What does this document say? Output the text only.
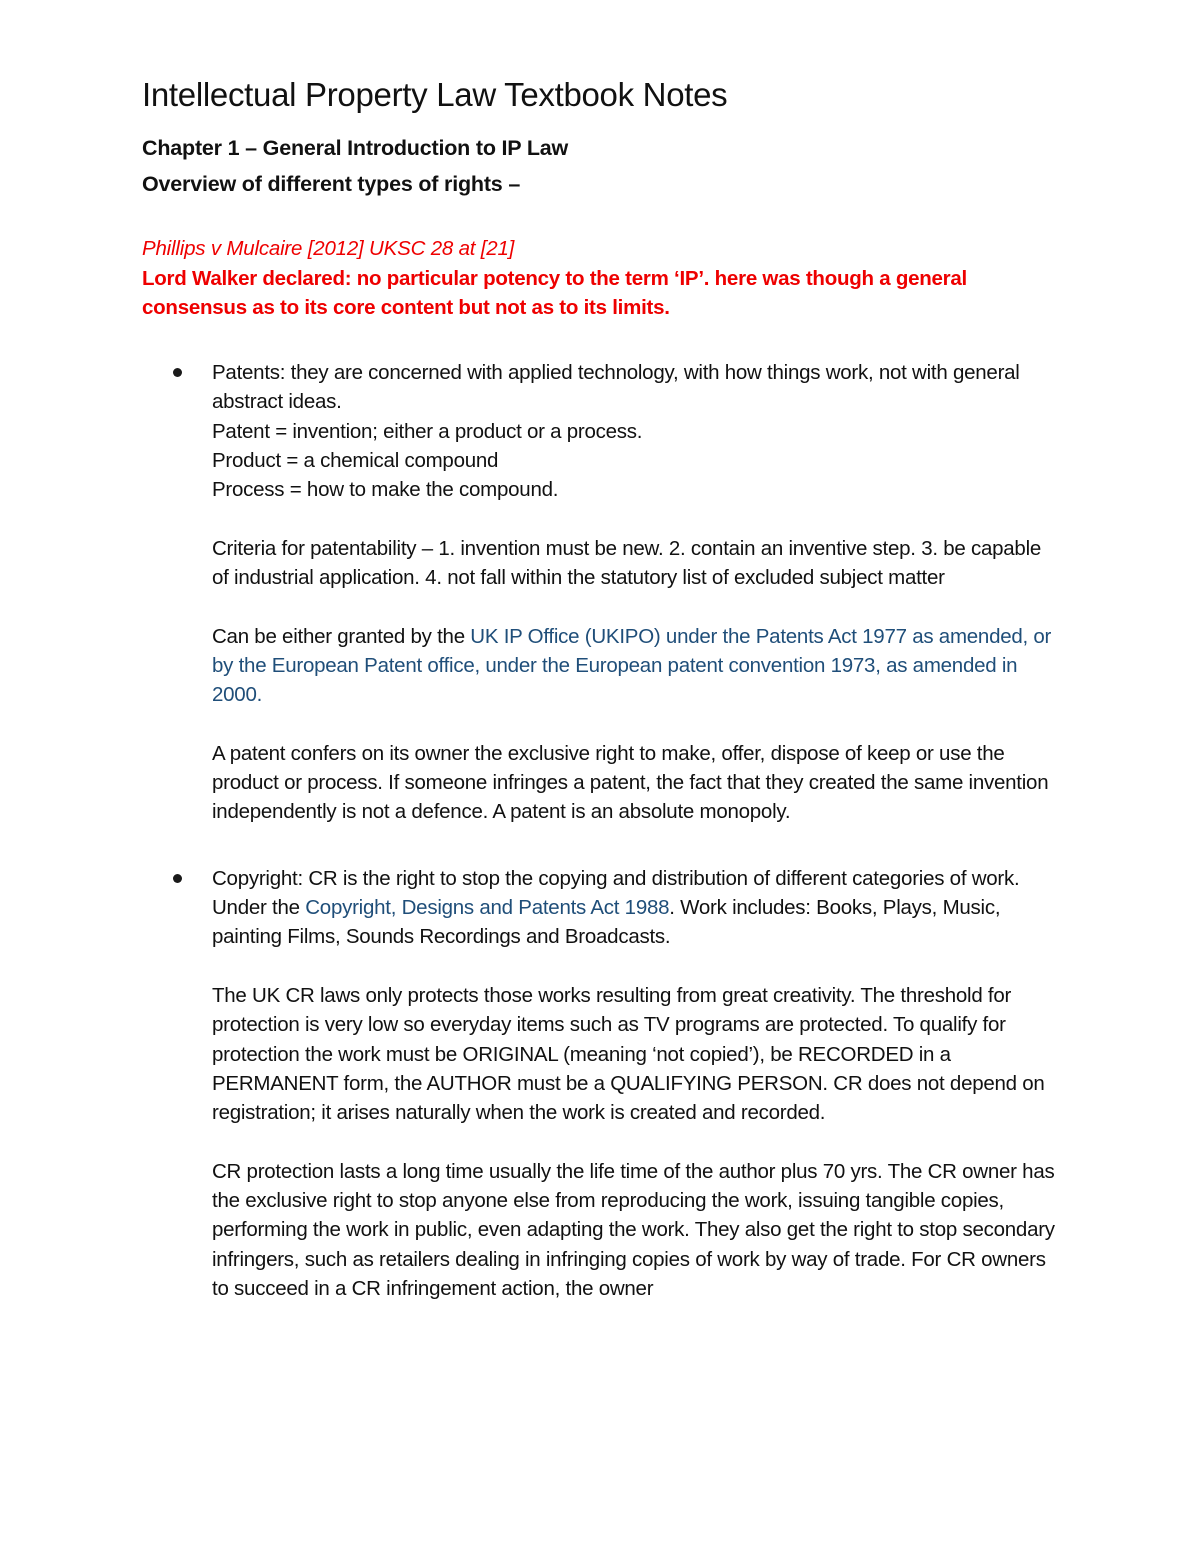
Intellectual Property Law Textbook Notes
Chapter 1 – General Introduction to IP Law
Overview of different types of rights –
Phillips v Mulcaire [2012] UKSC 28 at [21]
Lord Walker declared: no particular potency to the term ‘IP’. here was though a general consensus as to its core content but not as to its limits.

Patents: they are concerned with applied technology, with how things work, not with general abstract ideas.

Patent = invention; either a product or a process.

Product = a chemical compound

Process = how to make the compound.

Criteria for patentability – 1. invention must be new. 2. contain an inventive step. 3. be capable of industrial application. 4. not fall within the statutory list of excluded subject matter

Can be either granted by the UK IP Office (UKIPO) under the Patents Act 1977 as amended, or by the European Patent office, under the European patent convention 1973, as amended in 2000.

A patent confers on its owner the exclusive right to make, offer, dispose of keep or use the product or process. If someone infringes a patent, the fact that they created the same invention independently is not a defence. A patent is an absolute monopoly.

Copyright: CR is the right to stop the copying and distribution of different categories of work. Under the Copyright, Designs and Patents Act 1988. Work includes: Books, Plays, Music, painting Films, Sounds Recordings and Broadcasts.

The UK CR laws only protects those works resulting from great creativity. The threshold for protection is very low so everyday items such as TV programs are protected. To qualify for protection the work must be ORIGINAL (meaning ‘not copied’), be RECORDED in a PERMANENT form, the AUTHOR must be a QUALIFYING PERSON. CR does not depend on registration; it arises naturally when the work is created and recorded.

CR protection lasts a long time usually the life time of the author plus 70 yrs. The CR owner has the exclusive right to stop anyone else from reproducing the work, issuing tangible copies, performing the work in public, even adapting the work. They also get the right to stop secondary infringers, such as retailers dealing in infringing copies of work by way of trade. For CR owners to succeed in a CR infringement action, the owner
